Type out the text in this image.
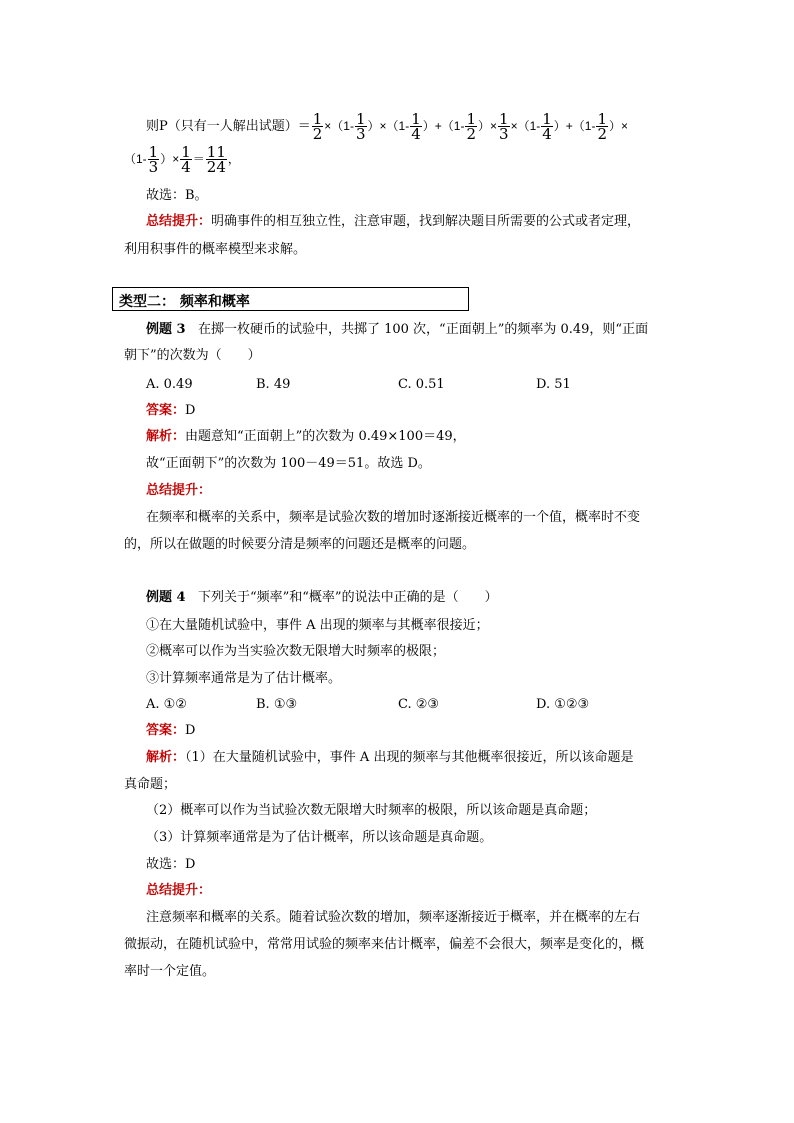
则P（只有一人解出试题）＝ $\frac{1}{2} \times(1- \frac{1}{3} )\times(1- \frac{1}{4} )+(1- \frac{1}{2}$ ）× $\frac{1}{3} \times(1- \frac{1}{4} )+(1- \frac{1}{2}$ ）×
（$1- \frac{1}{3}$ ）× $\frac{1}{4} = \frac{11}{24}$ ，
故选：B。
总结提升：明确事件的相互独立性，注意审题，找到解决题目所需要的公式或者定理，
利用积事件的概率模型来求解。
类型二： 频率和概率
例题 3 在掷一枚硬币的试验中，共掷了 100 次，“正面朝上”的频率为 0.49，则“正面
朝下”的次数为（　　）
A. 0.49	B. 49	C. 0.51	D. 51
答案：D
解析：由题意知“正面朝上”的次数为 0.49×100＝49，
故“正面朝下”的次数为 100－49＝51。故选 D。
总结提升：
在频率和概率的关系中，频率是试验次数的增加时逐渐接近概率的一个值，概率时不变
的，所以在做题的时候要分清是频率的问题还是概率的问题。
例题 4 下列关于“频率”和“概率”的说法中正确的是（　　）
①在大量随机试验中，事件 A 出现的频率与其概率很接近；
②概率可以作为当实验次数无限增大时频率的极限；
③计算频率通常是为了估计概率。
A. ①②	B. ①③	C. ②③	D. ①②③
答案：D
解析：（1）在大量随机试验中，事件 A 出现的频率与其他概率很接近，所以该命题是
真命题；
（2）概率可以作为当试验次数无限增大时频率的极限，所以该命题是真命题；
（3）计算频率通常是为了估计概率，所以该命题是真命题。
故选：D
总结提升：
注意频率和概率的关系。随着试验次数的增加，频率逐渐接近于概率，并在概率的左右
微振动，在随机试验中，常常用试验的频率来估计概率，偏差不会很大，频率是变化的，概
率时一个定值。
